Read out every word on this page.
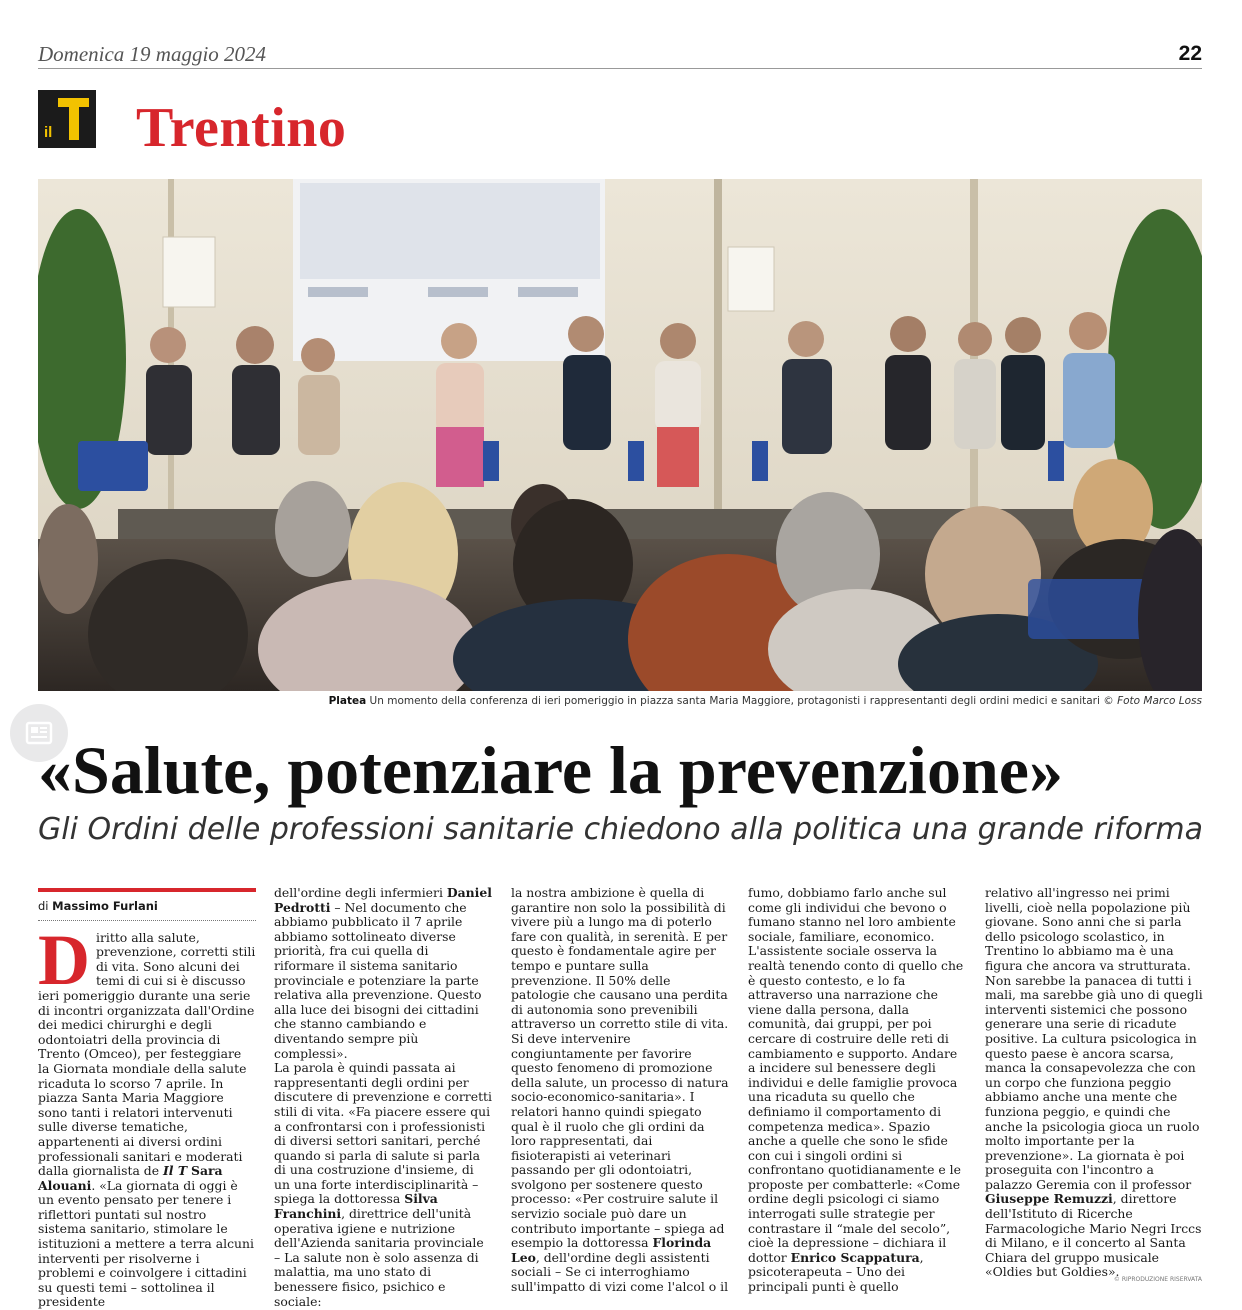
Domenica 19 maggio 2024	22
il Trentino
Platea Un momento della conferenza di ieri pomeriggio in piazza santa Maria Maggiore, protagonisti i rappresentanti degli ordini medici e sanitari © Foto Marco Loss
«Salute, potenziare la prevenzione»
Gli Ordini delle professioni sanitarie chiedono alla politica una grande riforma
di Massimo Furlani

Diritto alla salute, prevenzione, corretti stili di vita. Sono alcuni dei temi di cui si è discusso ieri pomeriggio durante una serie di incontri organizzata dall'Ordine dei medici chirurghi e degli odontoiatri della provincia di Trento (Omceo), per festeggiare la Giornata mondiale della salute ricaduta lo scorso 7 aprile. In piazza Santa Maria Maggiore sono tanti i relatori intervenuti sulle diverse tematiche, appartenenti ai diversi ordini professionali sanitari e moderati dalla giornalista de Il T Sara Alouani. «La giornata di oggi è un evento pensato per tenere i riflettori puntati sul nostro sistema sanitario, stimolare le istituzioni a mettere a terra alcuni interventi per risolverne i problemi e coinvolgere i cittadini su questi temi – sottolinea il presidente

dell'ordine degli infermieri Daniel Pedrotti – Nel documento che abbiamo pubblicato il 7 aprile abbiamo sottolineato diverse priorità, fra cui quella di riformare il sistema sanitario provinciale e potenziare la parte relativa alla prevenzione. Questo alla luce dei bisogni dei cittadini che stanno cambiando e diventando sempre più complessi».

La parola è quindi passata ai rappresentanti degli ordini per discutere di prevenzione e corretti stili di vita. «Fa piacere essere qui a confrontarsi con i professionisti di diversi settori sanitari, perché quando si parla di salute si parla di una costruzione d'insieme, di un una forte interdisciplinarità – spiega la dottoressa Silva Franchini, direttrice dell'unità operativa igiene e nutrizione dell'Azienda sanitaria provinciale – La salute non è solo assenza di malattia, ma uno stato di benessere fisico, psichico e sociale:

la nostra ambizione è quella di garantire non solo la possibilità di vivere più a lungo ma di poterlo fare con qualità, in serenità. E per questo è fondamentale agire per tempo e puntare sulla prevenzione. Il 50% delle patologie che causano una perdita di autonomia sono prevenibili attraverso un corretto stile di vita.

Si deve intervenire congiuntamente per favorire questo fenomeno di promozione della salute, un processo di natura socio-economico-sanitaria». I relatori hanno quindi spiegato qual è il ruolo che gli ordini da loro rappresentati, dai fisioterapisti ai veterinari passando per gli odontoiatri, svolgono per sostenere questo processo: «Per costruire salute il servizio sociale può dare un contributo importante – spiega ad esempio la dottoressa Florinda Leo, dell'ordine degli assistenti sociali – Se ci interroghiamo sull'impatto di vizi come l'alcol o il

fumo, dobbiamo farlo anche sul come gli individui che bevono o fumano stanno nel loro ambiente sociale, familiare, economico. L'assistente sociale osserva la realtà tenendo conto di quello che è questo contesto, e lo fa attraverso una narrazione che viene dalla persona, dalla comunità, dai gruppi, per poi cercare di costruire delle reti di cambiamento e supporto. Andare a incidere sul benessere degli individui e delle famiglie provoca una ricaduta su quello che definiamo il comportamento di competenza medica». Spazio anche a quelle che sono le sfide con cui i singoli ordini si confrontano quotidianamente e le proposte per combatterle: «Come ordine degli psicologi ci siamo interrogati sulle strategie per contrastare il “male del secolo”, cioè la depressione – dichiara il dottor Enrico Scappatura, psicoterapeuta – Uno dei principali punti è quello

relativo all'ingresso nei primi livelli, cioè nella popolazione più giovane. Sono anni che si parla dello psicologo scolastico, in Trentino lo abbiamo ma è una figura che ancora va strutturata. Non sarebbe la panacea di tutti i mali, ma sarebbe già uno di quegli interventi sistemici che possono generare una serie di ricadute positive. La cultura psicologica in questo paese è ancora scarsa, manca la consapevolezza che con un corpo che funziona peggio abbiamo anche una mente che funziona peggio, e quindi che anche la psicologia gioca un ruolo molto importante per la prevenzione». La giornata è poi proseguita con l'incontro a palazzo Geremia con il professor Giuseppe Remuzzi, direttore dell'Istituto di Ricerche Farmacologiche Mario Negri Irccs di Milano, e il concerto al Santa Chiara del gruppo musicale «Oldies but Goldies».

© RIPRODUZIONE RISERVATA
